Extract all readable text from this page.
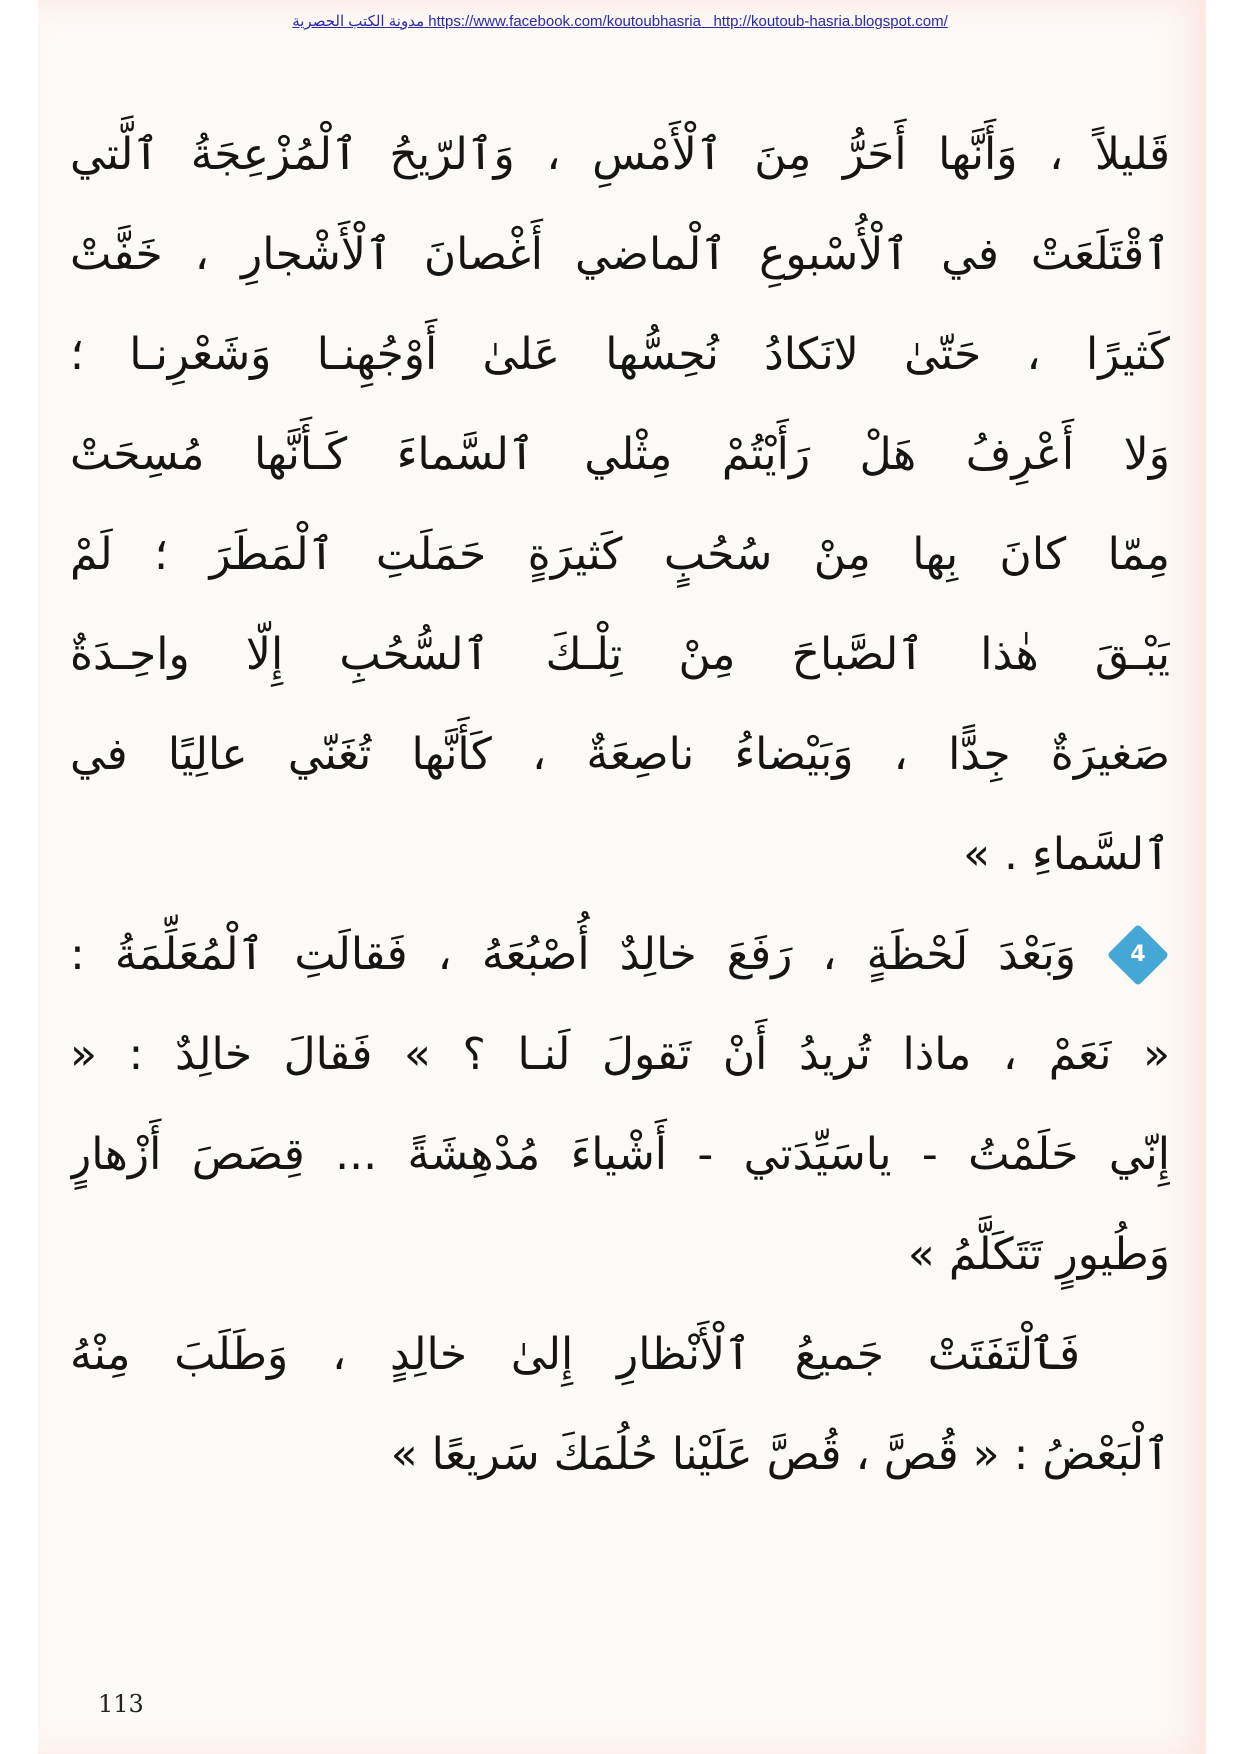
مدونة الكتب الحصرية https://www.facebook.com/koutoubhasria http://koutoub-hasria.blogspot.com/
قَليلاً ، وَأَنَّها أَحَرُّ مِنَ ٱلْأَمْسِ ، وَٱلرّيحُ ٱلْمُزْعِجَةُ ٱلَّتي
ٱقْتَلَعَتْ في ٱلْأُسْبوعِ ٱلْماضي أَغْصانَ ٱلْأَشْجارِ ، خَفَّتْ
كَثيرًا ، حَتّىٰ لانَكادُ نُحِسُّها عَلىٰ أَوْجُهِنـا وَشَعْرِنـا ؛
وَلا أَعْرِفُ هَلْ رَأَيْتُمْ مِثْلي ٱلسَّماءَ كَـأَنَّها مُسِحَتْ
مِمّا كانَ بِها مِنْ سُحُبٍ كَثيرَةٍ حَمَلَتِ ٱلْمَطَرَ ؛ لَمْ
يَبْـقَ هٰذا ٱلصَّباحَ مِنْ تِلْـكَ ٱلسُّحُبِ إِلّا واحِـدَةٌ
صَغيرَةٌ جِدًّا ، وَبَيْضاءُ ناصِعَةٌ ، كَأَنَّها تُغَنّي عالِيًا في
ٱلسَّماءِ . »
4
وَبَعْدَ لَحْظَةٍ ، رَفَعَ خالِدٌ أُصْبُعَهُ ، فَقالَتِ ٱلْمُعَلِّمَةُ :
« نَعَمْ ، ماذا تُريدُ أَنْ تَقولَ لَنـا ؟ » فَقالَ خالِدٌ : «
إِنّي حَلَمْتُ - ياسَيِّدَتي - أَشْياءَ مُدْهِشَةً ... قِصَصَ أَزْهارٍ
وَطُيورٍ تَتَكَلَّمُ »
فَٱلْتَفَتَتْ جَميعُ ٱلْأَنْظارِ إِلىٰ خالِدٍ ، وَطَلَبَ مِنْهُ
ٱلْبَعْضُ : « قُصَّ ، قُصَّ عَلَيْنا حُلُمَكَ سَريعًا »
113
